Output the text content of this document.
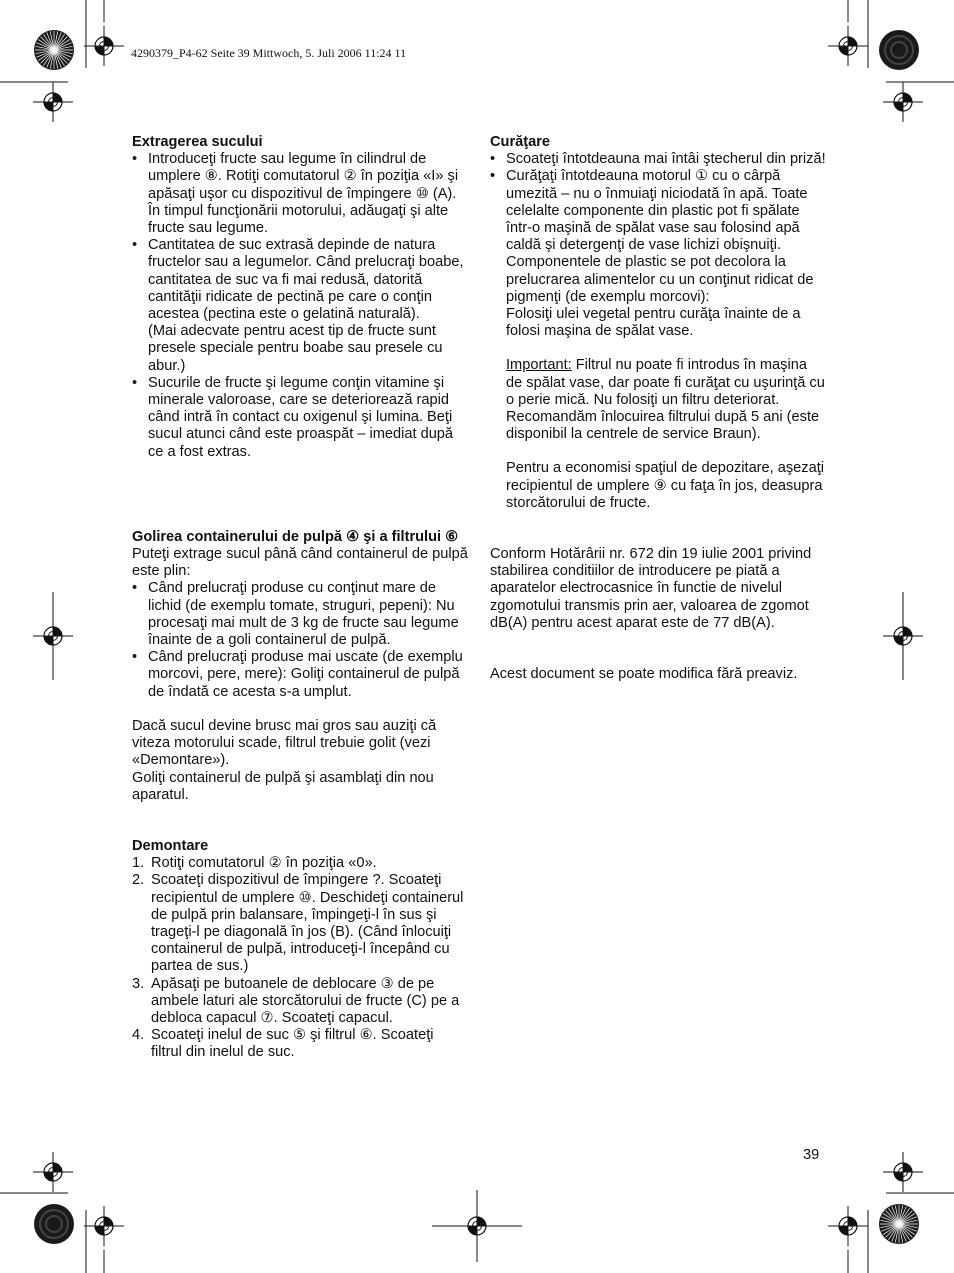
4290379_P4-62 Seite 39 Mittwoch, 5. Juli 2006 11:24 11
Extragerea sucului
• Introduceţi fructe sau legume în cilindrul de umplere ⑧. Rotiţi comutatorul ② în poziţia «I» şi apăsaţi uşor cu dispozitivul de împingere ⑩ (A). În timpul funcţionării motorului, adăugaţi şi alte fructe sau legume.
• Cantitatea de suc extrasă depinde de natura fructelor sau a legumelor. Când prelucraţi boabe, cantitatea de suc va fi mai redusă, datorită cantităţii ridicate de pectină pe care o conţin acestea (pectina este o gelatină naturală).
(Mai adecvate pentru acest tip de fructe sunt presele speciale pentru boabe sau presele cu abur.)
• Sucurile de fructe şi legume conţin vitamine şi minerale valoroase, care se deteriorează rapid când intră în contact cu oxigenul şi lumina. Beţi sucul atunci când este proaspăt – imediat după ce a fost extras.
Golirea containerului de pulpă ④ şi a filtrului ⑥

Puteţi extrage sucul până când containerul de pulpă este plin:

• Când prelucraţi produse cu conţinut mare de lichid (de exemplu tomate, struguri, pepeni): Nu procesaţi mai mult de 3 kg de fructe sau legume înainte de a goli containerul de pulpă.
• Când prelucraţi produse mai uscate (de exemplu morcovi, pere, mere): Goliţi containerul de pulpă de îndată ce acesta s-a umplut.

Dacă sucul devine brusc mai gros sau auziţi că viteza motorului scade, filtrul trebuie golit (vezi «Demontare»).

Goliţi containerul de pulpă şi asamblaţi din nou aparatul.

Demontare
1. Rotiţi comutatorul ② în poziţia «0».
2. Scoateţi dispozitivul de împingere ?. Scoateţi recipientul de umplere ⑩. Deschideţi containerul de pulpă prin balansare, împingeţi-l în sus şi trageţi-l pe diagonală în jos (B). (Când înlocuiţi containerul de pulpă, introduceţi-l începând cu partea de sus.)
3. Apăsaţi pe butoanele de deblocare ③ de pe ambele laturi ale storcătorului de fructe (C) pe a debloca capacul ⑦. Scoateţi capacul.
4. Scoateţi inelul de suc ⑤ şi filtrul ⑥. Scoateţi filtrul din inelul de suc.
Curăţare
• Scoateţi întotdeauna mai întâi ştecherul din priză!
• Curăţaţi întotdeauna motorul ① cu o cârpă umezită – nu o înmuiaţi niciodată în apă. Toate celelalte componente din plastic pot fi spălate într-o maşină de spălat vase sau folosind apă caldă şi detergenţi de vase lichizi obişnuiţi. Componentele de plastic se pot decolora la prelucrarea alimentelor cu un conţinut ridicat de pigmenţi (de exemplu morcovi):
Folosiţi ulei vegetal pentru curăţa înainte de a folosi maşina de spălat vase.
Important: Filtrul nu poate fi introdus în maşina de spălat vase, dar poate fi curăţat cu uşurinţă cu o perie mică. Nu folosiţi un filtru deteriorat. Recomandăm înlocuirea filtrului după 5 ani (este disponibil la centrele de service Braun).
Pentru a economisi spaţiul de depozitare, aşezaţi recipientul de umplere ⑨ cu faţa în jos, deasupra storcătorului de fructe.

Conform Hotărârii nr. 672 din 19 iulie 2001 privind stabilirea conditiilor de introducere pe piată a aparatelor electrocasnice în functie de nivelul zgomotului transmis prin aer, valoarea de zgomot dB(A) pentru acest aparat este de 77 dB(A).

Acest document se poate modifica fără preaviz.

39
